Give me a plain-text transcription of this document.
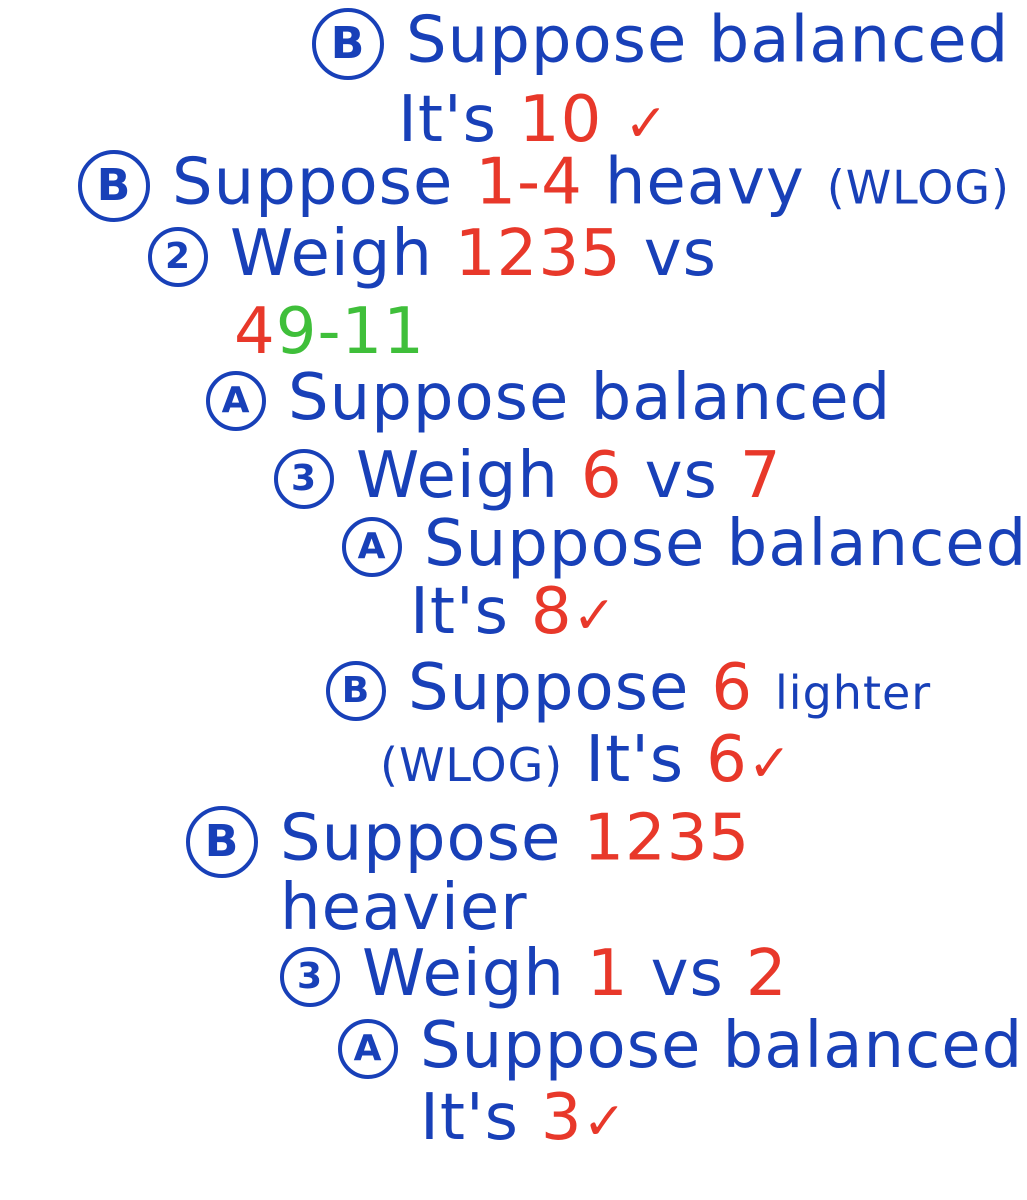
B Suppose balanced
It's 10 ✓
B Suppose 1-4 heavy (WLOG)
2 Weigh 1235 vs
49-11
A Suppose balanced
3 Weigh 6 vs 7
A Suppose balanced
It's 8✓
B Suppose 6 lighter
(WLOG) It's 6✓
B Suppose 1235
heavier
3 Weigh 1 vs 2
A Suppose balanced
It's 3✓
